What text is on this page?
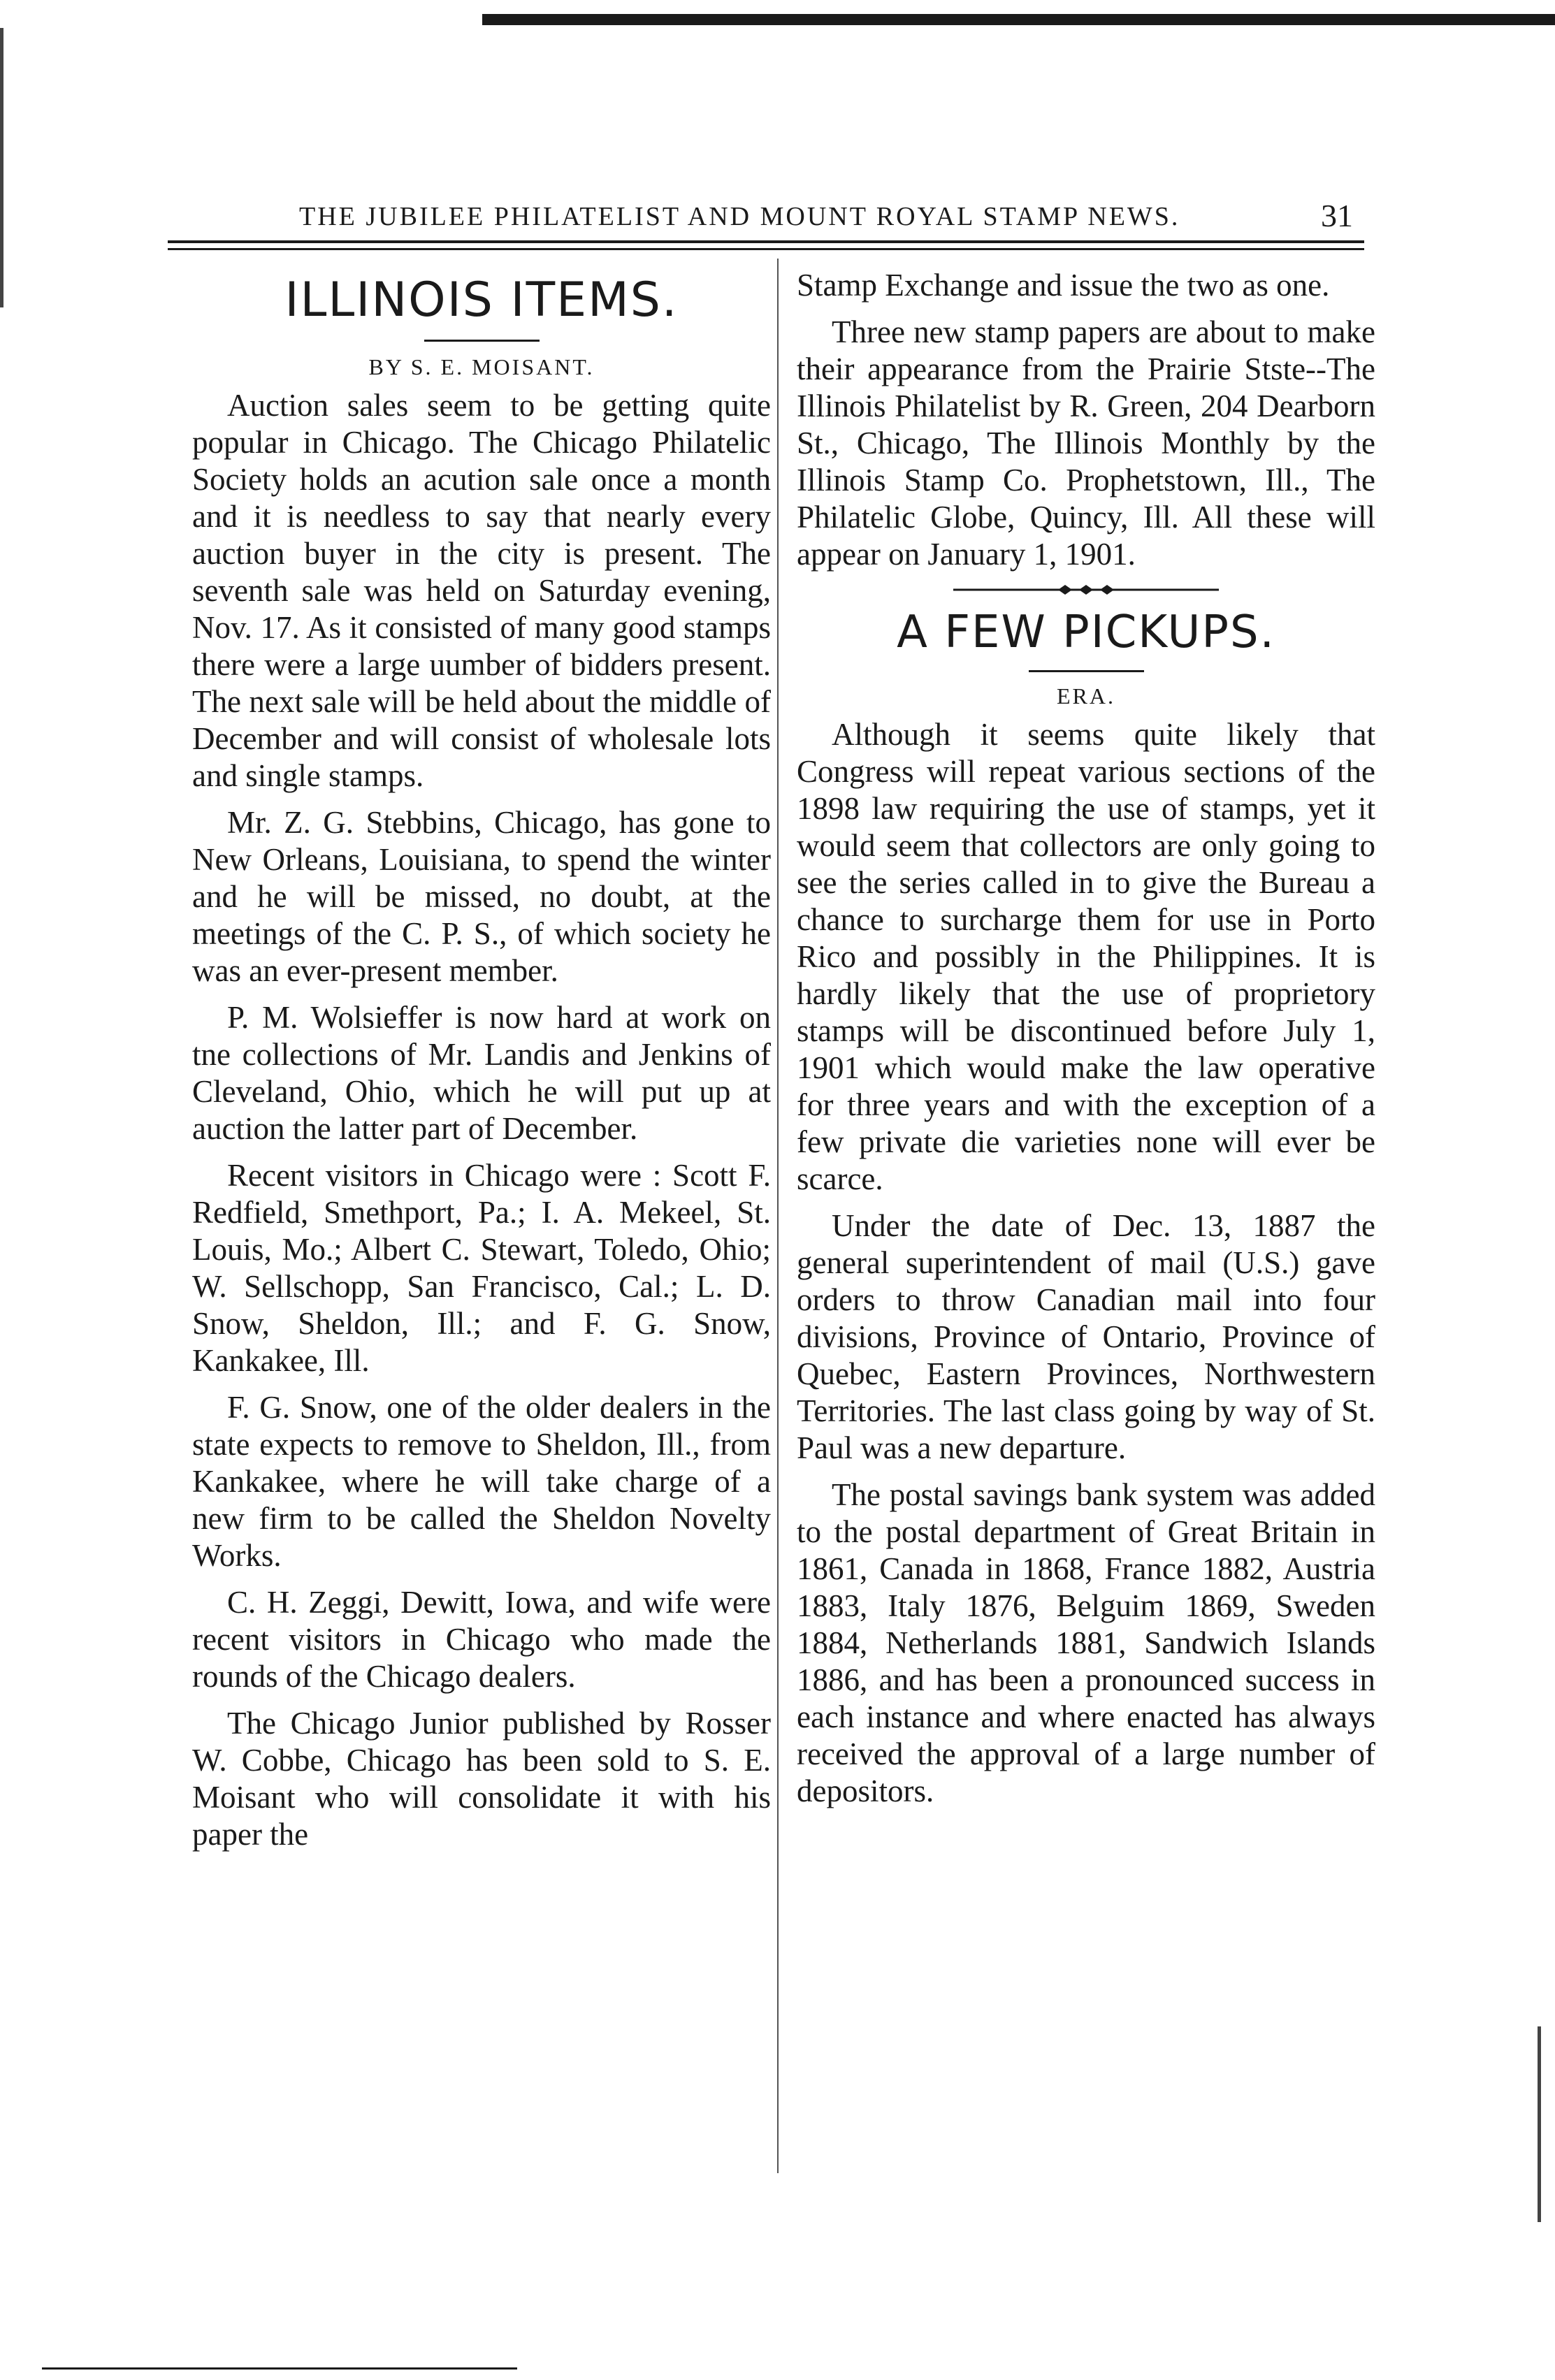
THE JUBILEE PHILATELIST AND MOUNT ROYAL STAMP NEWS.	31
ILLINOIS ITEMS.
BY S. E. MOISANT.

Auction sales seem to be getting quite popular in Chicago. The Chicago Philatelic Society holds an acution sale once a month and it is needless to say that nearly every auction buyer in the city is present. The seventh sale was held on Saturday evening, Nov. 17. As it consisted of many good stamps there were a large uumber of bidders present. The next sale will be held about the middle of December and will consist of wholesale lots and single stamps.

Mr. Z. G. Stebbins, Chicago, has gone to New Orleans, Louisiana, to spend the winter and he will be missed, no doubt, at the meetings of the C. P. S., of which society he was an ever-present member.

P. M. Wolsieffer is now hard at work on tne collections of Mr. Landis and Jenkins of Cleveland, Ohio, which he will put up at auction the latter part of December.

Recent visitors in Chicago were : Scott F. Redfield, Smethport, Pa.; I. A. Mekeel, St. Louis, Mo.; Albert C. Stewart, Toledo, Ohio; W. Sellschopp, San Francisco, Cal.; L. D. Snow, Sheldon, Ill.; and F. G. Snow, Kankakee, Ill.

F. G. Snow, one of the older dealers in the state expects to remove to Sheldon, Ill., from Kankakee, where he will take charge of a new firm to be called the Sheldon Novelty Works.

C. H. Zeggi, Dewitt, Iowa, and wife were recent visitors in Chicago who made the rounds of the Chicago dealers.

The Chicago Junior published by Rosser W. Cobbe, Chicago has been sold to S. E. Moisant who will consolidate it with his paper the

Stamp Exchange and issue the two as one.

Three new stamp papers are about to make their appearance from the Prairie Stste--The Illinois Philatelist by R. Green, 204 Dearborn St., Chicago, The Illinois Monthly by the Illinois Stamp Co. Prophetstown, Ill., The Philatelic Globe, Quincy, Ill. All these will appear on January 1, 1901.

A FEW PICKUPS.
ERA.

Although it seems quite likely that Congress will repeat various sections of the 1898 law requiring the use of stamps, yet it would seem that collectors are only going to see the series called in to give the Bureau a chance to surcharge them for use in Porto Rico and possibly in the Philippines. It is hardly likely that the use of proprietory stamps will be discontinued before July 1, 1901 which would make the law operative for three years and with the exception of a few private die varieties none will ever be scarce.

Under the date of Dec. 13, 1887 the general superintendent of mail (U.S.) gave orders to throw Canadian mail into four divisions, Province of Ontario, Province of Quebec, Eastern Provinces, Northwestern Territories. The last class going by way of St. Paul was a new departure.

The postal savings bank system was added to the postal department of Great Britain in 1861, Canada in 1868, France 1882, Austria 1883, Italy 1876, Belguim 1869, Sweden 1884, Netherlands 1881, Sandwich Islands 1886, and has been a pronounced success in each instance and where enacted has always received the approval of a large number of depositors.
